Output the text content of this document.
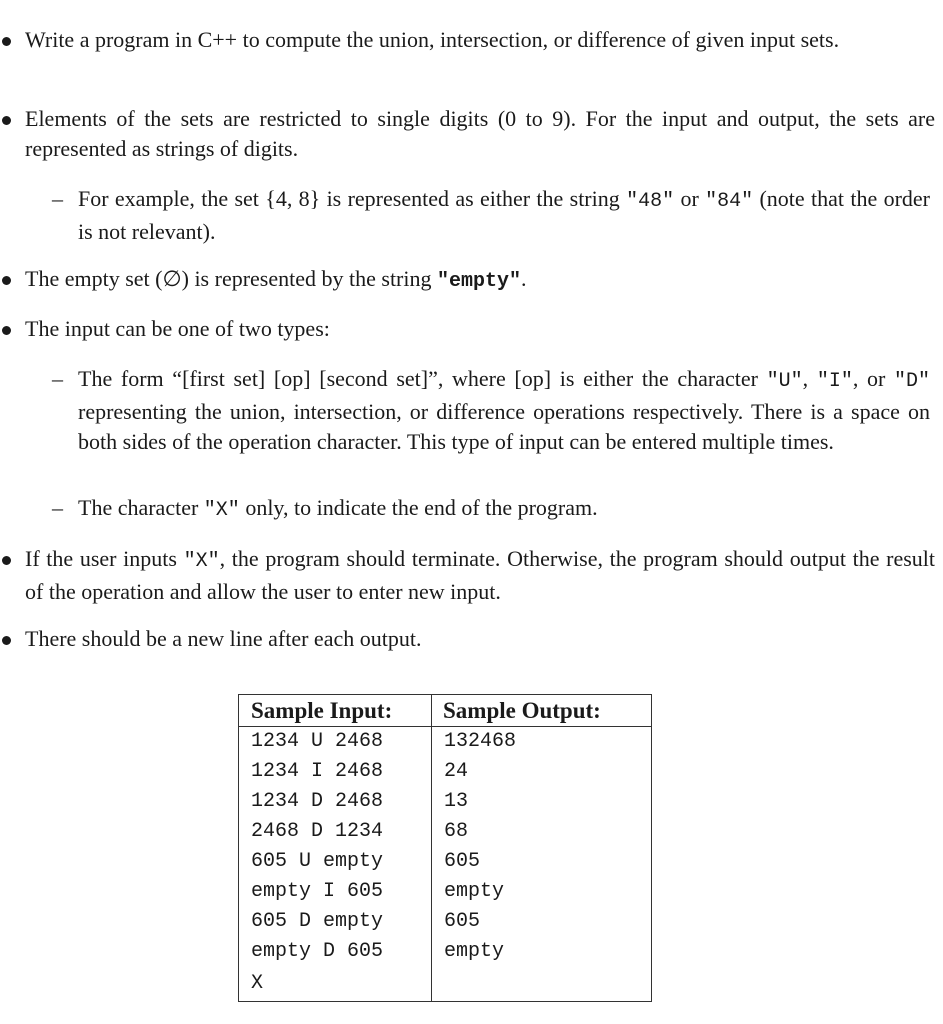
Write a program in C++ to compute the union, intersection, or difference of given input sets.
Elements of the sets are restricted to single digits (0 to 9). For the input and output, the sets are represented as strings of digits.
– For example, the set {4, 8} is represented as either the string "48" or "84" (note that the order is not relevant).
The empty set (∅) is represented by the string "empty".
The input can be one of two types:
– The form “[first set] [op] [second set]”, where [op] is either the character "U", "I", or "D" representing the union, intersection, or difference operations respectively. There is a space on both sides of the operation character. This type of input can be entered multiple times.
– The character "X" only, to indicate the end of the program.
If the user inputs "X", the program should terminate. Otherwise, the program should output the result of the operation and allow the user to enter new input.
There should be a new line after each output.
Sample Input:	Sample Output:
1234 U 2468	132468
1234 I 2468	24
1234 D 2468	13
2468 D 1234	68
605 U empty	605
empty I 605	empty
605 D empty	605
empty D 605	empty
X	
